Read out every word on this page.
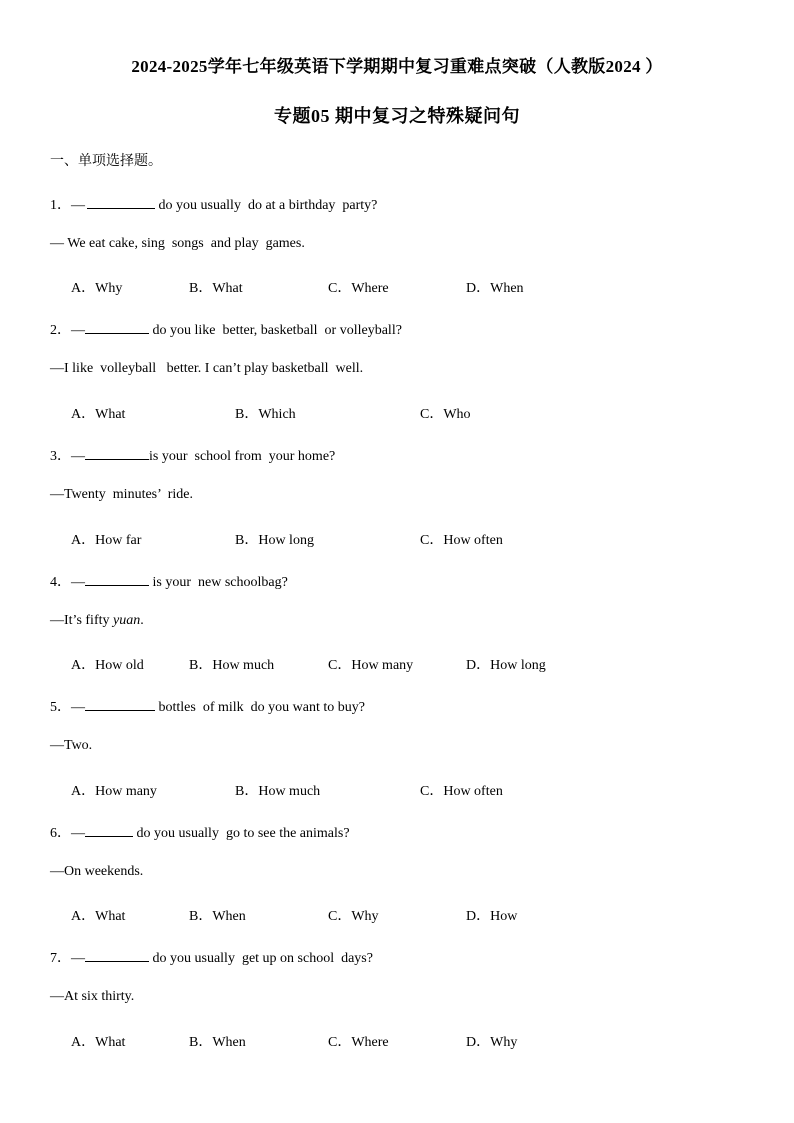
2024-2025学年七年级英语下学期期中复习重难点突破（人教版2024 ）
专题05 期中复习之特殊疑问句
一、单项选择题。
1．—	do you usually  do at a birthday  party?
— We eat cake, sing  songs  and play  games.
A．Why	B．What	C．Where	D．When
2．—	do you like  better, basketball  or volleyball?
—I like  volleyball   better. I can’t play basketball  well.
A．What	B．Which	C．Who
3．—	is your  school from  your home?
—Twenty  minutes’  ride.
A．How far	B．How long	C．How often
4．—	is your  new schoolbag?
—It’s fifty yuan.
A．How old	B．How much	C．How many	D．How long
5．—	bottles  of milk  do you want to buy?
—Two.
A．How many	B．How much	C．How often
6．—	do you usually  go to see the animals?
—On weekends.
A．What	B．When	C．Why	D．How
7．—	do you usually  get up on school  days?
—At six thirty.
A．What	B．When	C．Where	D．Why
